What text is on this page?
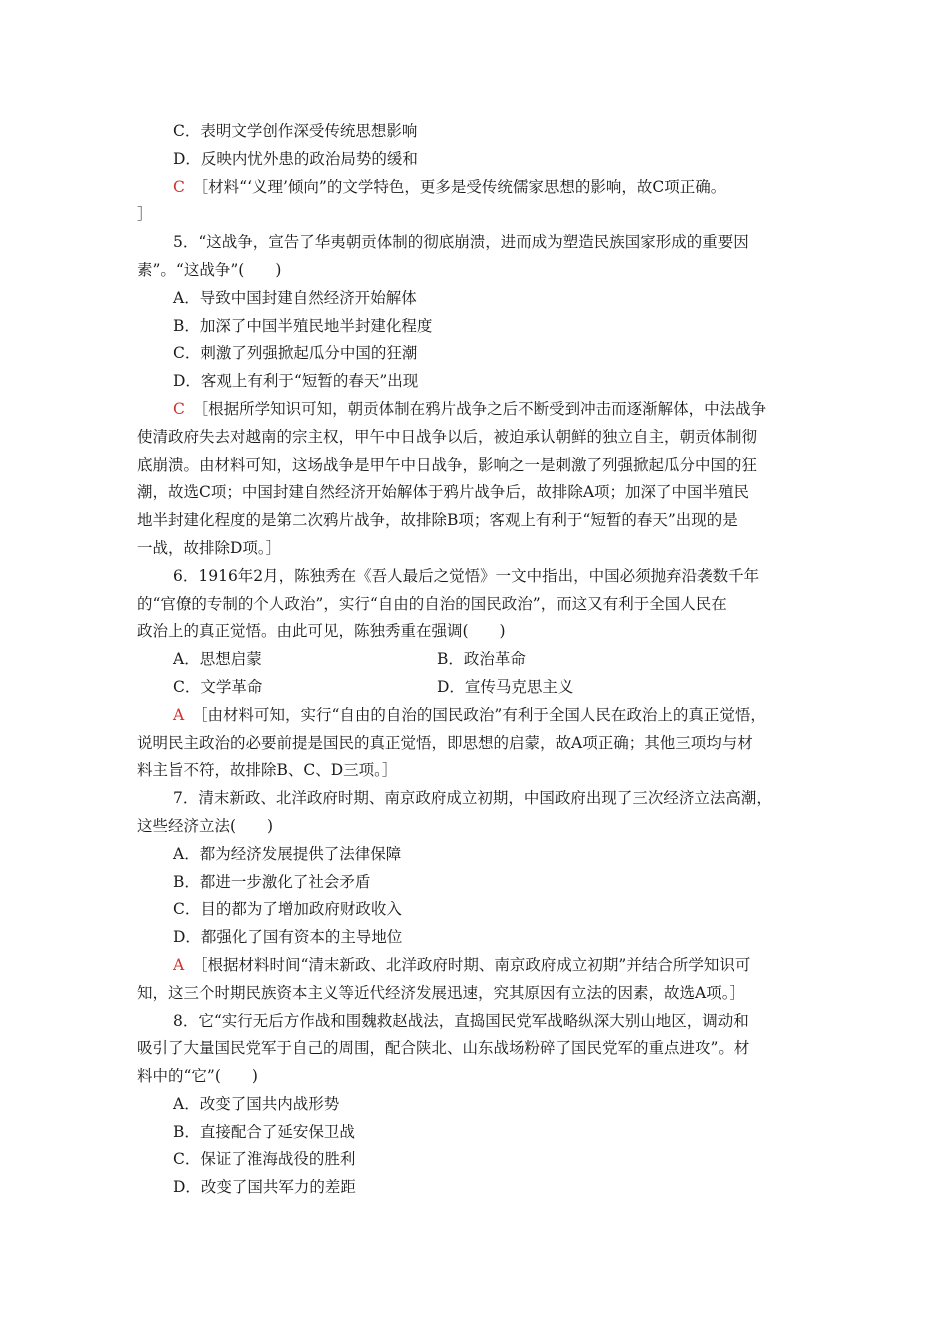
C．表明文学创作深受传统思想影响
D．反映内忧外患的政治局势的缓和
C　 ［材料“‘义理’倾向”的文学特色，更多是受传统儒家思想的影响，故C项正确。
］
5．“这战争，宣告了华夷朝贡体制的彻底崩溃，进而成为塑造民族国家形成的重要因
素”。“这战争”(　　)
A．导致中国封建自然经济开始解体
B．加深了中国半殖民地半封建化程度
C．刺激了列强掀起瓜分中国的狂潮
D．客观上有利于“短暂的春天”出现
C　 ［根据所学知识可知，朝贡体制在鸦片战争之后不断受到冲击而逐渐解体，中法战争
使清政府失去对越南的宗主权，甲午中日战争以后，被迫承认朝鲜的独立自主，朝贡体制彻
底崩溃。由材料可知，这场战争是甲午中日战争，影响之一是刺激了列强掀起瓜分中国的狂
潮，故选C项；中国封建自然经济开始解体于鸦片战争后，故排除A项；加深了中国半殖民
地半封建化程度的是第二次鸦片战争，故排除B项；客观上有利于“短暂的春天”出现的是
一战，故排除D项。］
6．1916年2月，陈独秀在《吾人最后之觉悟》一文中指出，中国必须抛弃沿袭数千年
的“官僚的专制的个人政治”，实行“自由的自治的国民政治”，而这又有利于全国人民在
政治上的真正觉悟。由此可见，陈独秀重在强调(　　)
A．思想启蒙	B．政治革命
C．文学革命	D．宣传马克思主义
A　 ［由材料可知，实行“自由的自治的国民政治”有利于全国人民在政治上的真正觉悟，
说明民主政治的必要前提是国民的真正觉悟，即思想的启蒙，故A项正确；其他三项均与材
料主旨不符，故排除B、C、D三项。］
7．清末新政、北洋政府时期、南京政府成立初期，中国政府出现了三次经济立法高潮，
这些经济立法(　　)
A．都为经济发展提供了法律保障
B．都进一步激化了社会矛盾
C．目的都为了增加政府财政收入
D．都强化了国有资本的主导地位
A　 ［根据材料时间“清末新政、北洋政府时期、南京政府成立初期”并结合所学知识可
知，这三个时期民族资本主义等近代经济发展迅速，究其原因有立法的因素，故选A项。］
8．它“实行无后方作战和围魏救赵战法，直捣国民党军战略纵深大别山地区，调动和
吸引了大量国民党军于自己的周围，配合陕北、山东战场粉碎了国民党军的重点进攻”。材
料中的“它”(　　)
A．改变了国共内战形势
B．直接配合了延安保卫战
C．保证了淮海战役的胜利
D．改变了国共军力的差距
